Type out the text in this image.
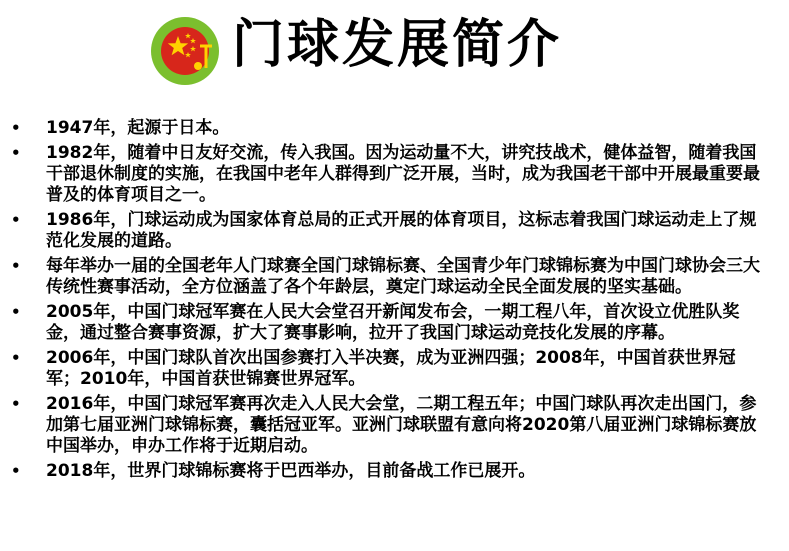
门球发展简介
• 1947年，起源于日本。
• 1982年，随着中日友好交流，传入我国。因为运动量不大，讲究技战术，健体益智，随着我国干部退休制度的实施，在我国中老年人群得到广泛开展，当时，成为我国老干部中开展最重要最普及的体育项目之一。
• 1986年，门球运动成为国家体育总局的正式开展的体育项目，这标志着我国门球运动走上了规范化发展的道路。
• 每年举办一届的全国老年人门球赛全国门球锦标赛、全国青少年门球锦标赛为中国门球协会三大传统性赛事活动，全方位涵盖了各个年龄层，奠定门球运动全民全面发展的坚实基础。
• 2005年，中国门球冠军赛在人民大会堂召开新闻发布会，一期工程八年，首次设立优胜队奖金，通过整合赛事资源，扩大了赛事影响，拉开了我国门球运动竞技化发展的序幕。
• 2006年，中国门球队首次出国参赛打入半决赛，成为亚洲四强；2008年，中国首获世界冠军；2010年，中国首获世锦赛世界冠军。
• 2016年，中国门球冠军赛再次走入人民大会堂，二期工程五年；中国门球队再次走出国门，参加第七届亚洲门球锦标赛，囊括冠亚军。亚洲门球联盟有意向将2020第八届亚洲门球锦标赛放中国举办，申办工作将于近期启动。
• 2018年，世界门球锦标赛将于巴西举办，目前备战工作已展开。
